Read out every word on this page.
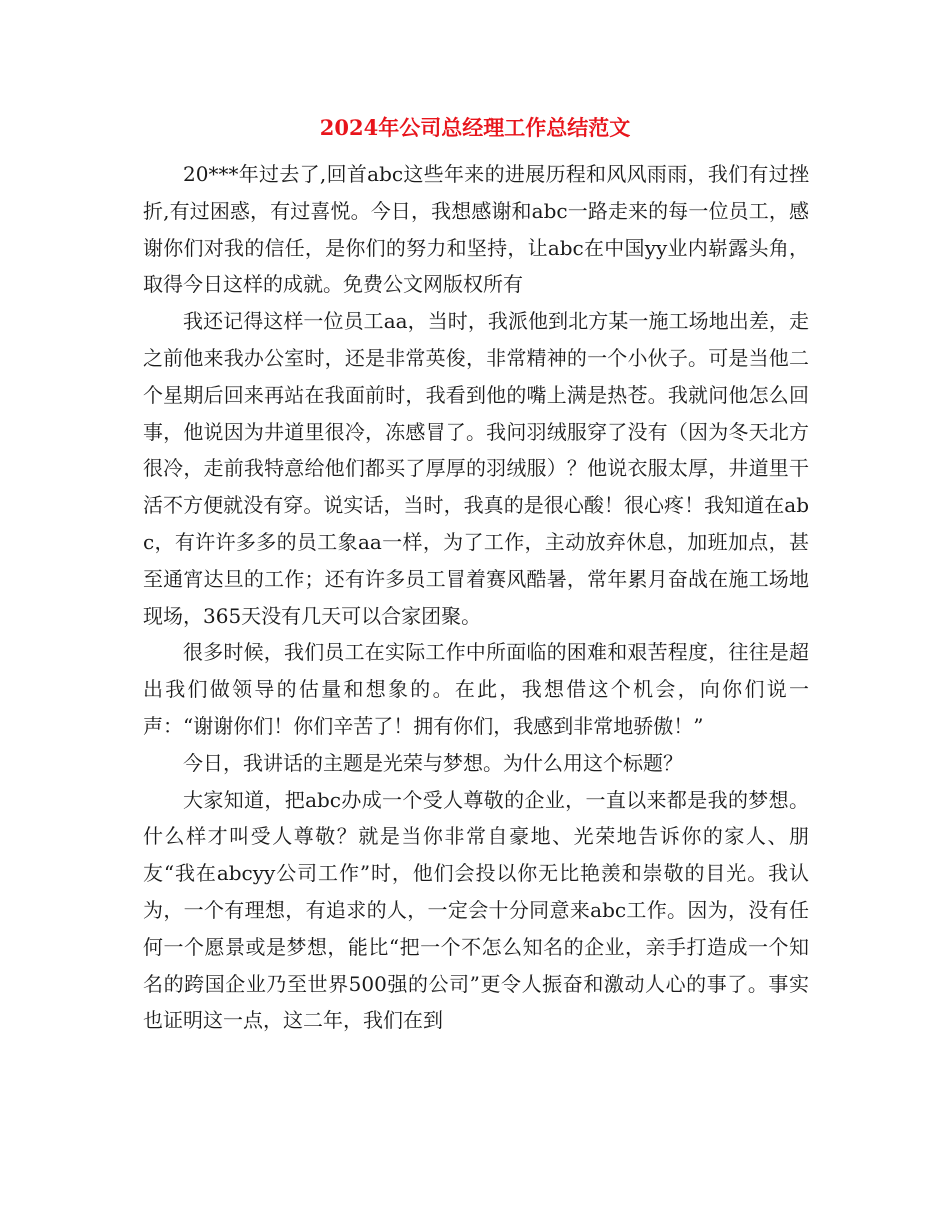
2024年公司总经理工作总结范文

20***年过去了,回首abc这些年来的进展历程和风风雨雨，我们有过挫折,有过困惑，有过喜悦。今日，我想感谢和abc一路走来的每一位员工，感谢你们对我的信任，是你们的努力和坚持，让abc在中国yy业内崭露头角，取得今日这样的成就。免费公文网版权所有

我还记得这样一位员工aa，当时，我派他到北方某一施工场地出差，走之前他来我办公室时，还是非常英俊，非常精神的一个小伙子。可是当他二个星期后回来再站在我面前时，我看到他的嘴上满是热苍。我就问他怎么回事，他说因为井道里很冷，冻感冒了。我问羽绒服穿了没有（因为冬天北方很冷，走前我特意给他们都买了厚厚的羽绒服）？他说衣服太厚，井道里干活不方便就没有穿。说实话，当时，我真的是很心酸！很心疼！我知道在abc，有许许多多的员工象aa一样，为了工作，主动放弃休息，加班加点，甚至通宵达旦的工作；还有许多员工冒着赛风酷暑，常年累月奋战在施工场地现场，365天没有几天可以合家团聚。

很多时候，我们员工在实际工作中所面临的困难和艰苦程度，往往是超出我们做领导的估量和想象的。在此，我想借这个机会，向你们说一声：“谢谢你们！你们辛苦了！拥有你们，我感到非常地骄傲！”

今日，我讲话的主题是光荣与梦想。为什么用这个标题？

大家知道，把abc办成一个受人尊敬的企业，一直以来都是我的梦想。什么样才叫受人尊敬？就是当你非常自豪地、光荣地告诉你的家人、朋友“我在abcyy公司工作”时，他们会投以你无比艳羡和崇敬的目光。我认为，一个有理想，有追求的人，一定会十分同意来abc工作。因为，没有任何一个愿景或是梦想，能比“把一个不怎么知名的企业，亲手打造成一个知名的跨国企业乃至世界500强的公司”更令人振奋和激动人心的事了。事实也证明这一点，这二年，我们在到
